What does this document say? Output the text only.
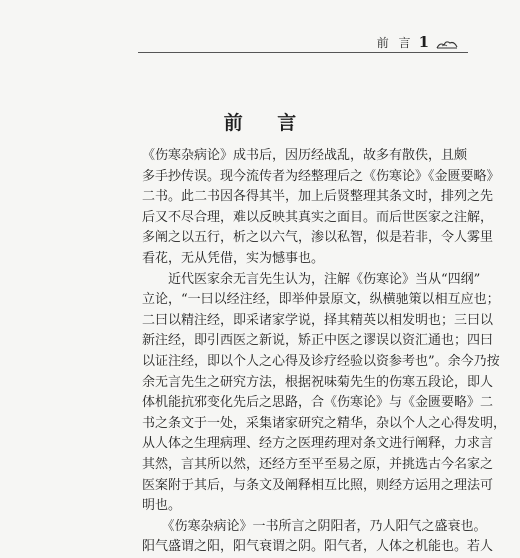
前 言 1
前 言
《伤寒杂病论》成书后，因历经战乱，故多有散佚，且颇
多手抄传误。现今流传者为经整理后之《伤寒论》《金匮要略》
二书。此二书因各得其半，加上后贤整理其条文时，排列之先
后又不尽合理，难以反映其真实之面目。而后世医家之注解，
多阐之以五行，析之以六气，渗以私智，似是若非，令人雾里
看花，无从凭借，实为憾事也。
　　近代医家余无言先生认为，注解《伤寒论》当从“四纲”
立论，“一曰以经注经，即举仲景原文，纵横驰策以相互应也；
二曰以精注经，即采诸家学说，择其精英以相发明也；三曰以
新注经，即引西医之新说，矫正中医之谬误以资汇通也；四曰
以证注经，即以个人之心得及诊疗经验以资参考也”。余今乃按
余无言先生之研究方法，根据祝味菊先生的伤寒五段论，即人
体机能抗邪变化先后之思路，合《伤寒论》与《金匮要略》二
书之条文于一处，采集诸家研究之精华，杂以个人之心得发明，
从人体之生理病理、经方之医理药理对条文进行阐释，力求言
其然，言其所以然，还经方至平至易之原，并挑选古今名家之
医案附于其后，与条文及阐释相互比照，则经方运用之理法可
明也。
　　《伤寒杂病论》一书所言之阴阳者，乃人阳气之盛衰也。
阳气盛谓之阳，阳气衰谓之阴。阳气者，人体之机能也。若人
